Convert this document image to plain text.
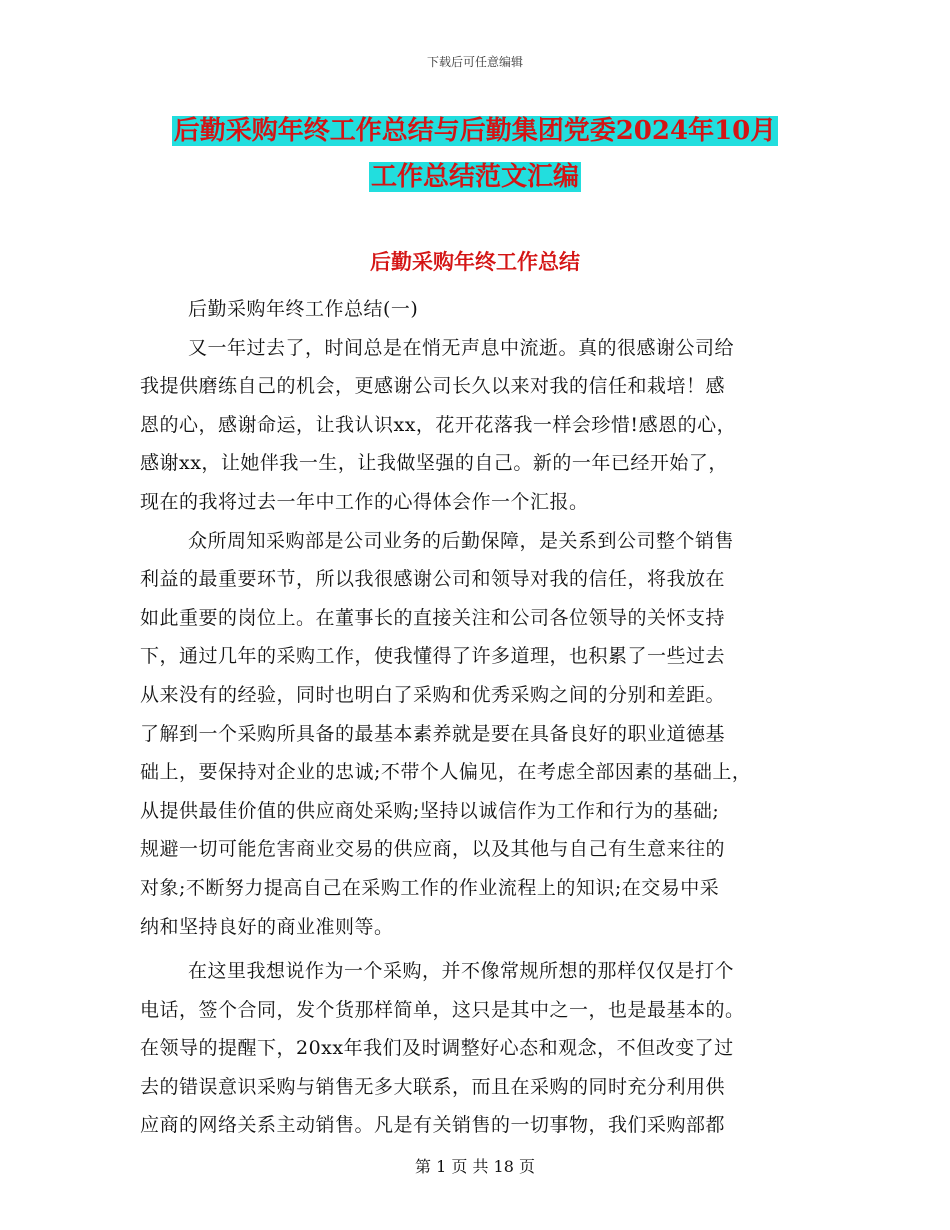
下载后可任意编辑
后勤采购年终工作总结与后勤集团党委2024年10月
工作总结范文汇编
后勤采购年终工作总结

后勤采购年终工作总结(一)

又一年过去了，时间总是在悄无声息中流逝。真的很感谢公司给
我提供磨练自己的机会，更感谢公司长久以来对我的信任和栽培！感
恩的心，感谢命运，让我认识xx，花开花落我一样会珍惜!感恩的心，
感谢xx，让她伴我一生，让我做坚强的自己。新的一年已经开始了，
现在的我将过去一年中工作的心得体会作一个汇报。

众所周知采购部是公司业务的后勤保障，是关系到公司整个销售
利益的最重要环节，所以我很感谢公司和领导对我的信任，将我放在
如此重要的岗位上。在董事长的直接关注和公司各位领导的关怀支持
下，通过几年的采购工作，使我懂得了许多道理，也积累了一些过去
从来没有的经验，同时也明白了采购和优秀采购之间的分别和差距。
了解到一个采购所具备的最基本素养就是要在具备良好的职业道德基
础上，要保持对企业的忠诚;不带个人偏见，在考虑全部因素的基础上，
从提供最佳价值的供应商处采购;坚持以诚信作为工作和行为的基础;
规避一切可能危害商业交易的供应商，以及其他与自己有生意来往的
对象;不断努力提高自己在采购工作的作业流程上的知识;在交易中采
纳和坚持良好的商业准则等。

在这里我想说作为一个采购，并不像常规所想的那样仅仅是打个
电话，签个合同，发个货那样简单，这只是其中之一，也是最基本的。
在领导的提醒下，20xx年我们及时调整好心态和观念，不但改变了过
去的错误意识采购与销售无多大联系，而且在采购的同时充分利用供
应商的网络关系主动销售。凡是有关销售的一切事物，我们采购部都

第 1 页 共 18 页
